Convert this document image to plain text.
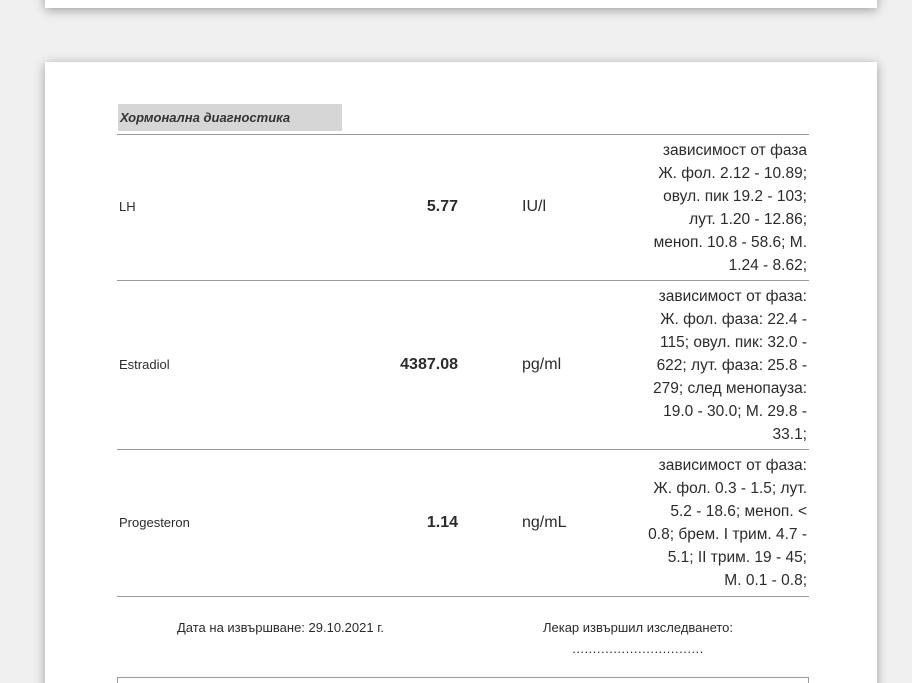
Хормонална диагностика
LH	5.77	IU/l
зависимост от фаза
Ж. фол. 2.12 - 10.89;
овул. пик 19.2 - 103;
лут. 1.20 - 12.86;
меноп. 10.8 - 58.6; М.
1.24 - 8.62;
Estradiol	4387.08	pg/ml
зависимост от фаза:
Ж. фол. фаза: 22.4 -
115; овул. пик: 32.0 -
622; лут. фаза: 25.8 -
279; след менопауза:
19.0 - 30.0; М. 29.8 -
33.1;
Progesteron	1.14	ng/mL
зависимост от фаза:
Ж. фол. 0.3 - 1.5; лут.
5.2 - 18.6; меноп. <
0.8; брем. I трим. 4.7 -
5.1; II трим. 19 - 45;
М. 0.1 - 0.8;
Дата на извършване: 29.10.2021 г.	Лекар извършил изследването:
................................
